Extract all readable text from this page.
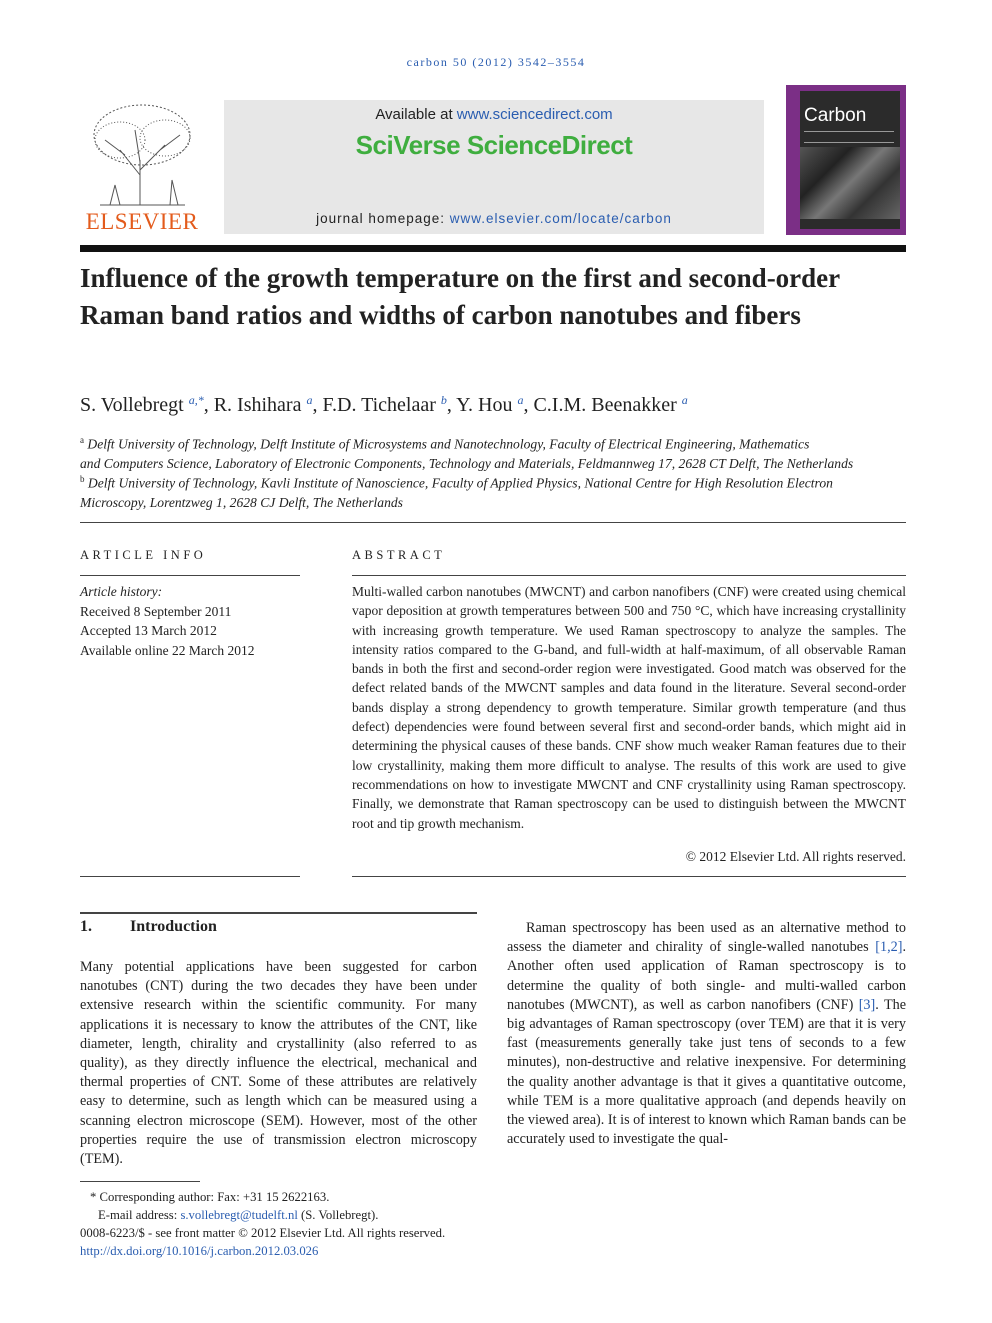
carbon 50 (2012) 3542–3554
ELSEVIER
Available at www.sciencedirect.com
SciVerse ScienceDirect
journal homepage: www.elsevier.com/locate/carbon
Carbon
Influence of the growth temperature on the first and second-order Raman band ratios and widths of carbon nanotubes and fibers
S. Vollebregt $^{a,*}$, R. Ishihara $^a$, F.D. Tichelaar $^b$, Y. Hou $^a$, C.I.M. Beenakker $^a$
$^a$ Delft University of Technology, Delft Institute of Microsystems and Nanotechnology, Faculty of Electrical Engineering, Mathematics
and Computers Science, Laboratory of Electronic Components, Technology and Materials, Feldmannweg 17, 2628 CT Delft, The Netherlands
$^b$ Delft University of Technology, Kavli Institute of Nanoscience, Faculty of Applied Physics, National Centre for High Resolution Electron
Microscopy, Lorentzweg 1, 2628 CJ Delft, The Netherlands
ARTICLE INFO
Article history:
Received 8 September 2011
Accepted 13 March 2012
Available online 22 March 2012
ABSTRACT
Multi-walled carbon nanotubes (MWCNT) and carbon nanofibers (CNF) were created using chemical vapor deposition at growth temperatures between 500 and 750 °C, which have increasing crystallinity with increasing growth temperature. We used Raman spectroscopy to analyze the samples. The intensity ratios compared to the G-band, and full-width at half-maximum, of all observable Raman bands in both the first and second-order region were investigated. Good match was observed for the defect related bands of the MWCNT samples and data found in the literature. Several second-order bands display a strong dependency to growth temperature. Similar growth temperature (and thus defect) dependencies were found between several first and second-order bands, which might aid in determining the physical causes of these bands. CNF show much weaker Raman features due to their low crystallinity, making them more difficult to analyse. The results of this work are used to give recommendations on how to investigate MWCNT and CNF crystallinity using Raman spectroscopy. Finally, we demonstrate that Raman spectroscopy can be used to distinguish between the MWCNT root and tip growth mechanism.
© 2012 Elsevier Ltd. All rights reserved.
1. Introduction
Many potential applications have been suggested for carbon nanotubes (CNT) during the two decades they have been under extensive research within the scientific community. For many applications it is necessary to know the attributes of the CNT, like diameter, length, chirality and crystallinity (also referred to as quality), as they directly influence the electrical, mechanical and thermal properties of CNT. Some of these attributes are relatively easy to determine, such as length which can be measured using a scanning electron microscope (SEM). However, most of the other properties require the use of transmission electron microscopy (TEM).
Raman spectroscopy has been used as an alternative method to assess the diameter and chirality of single-walled nanotubes [1,2]. Another often used application of Raman spectroscopy is to determine the quality of both single- and multi-walled carbon nanotubes (MWCNT), as well as carbon nanofibers (CNF) [3]. The big advantages of Raman spectroscopy (over TEM) are that it is very fast (measurements generally take just tens of seconds to a few minutes), non-destructive and relative inexpensive. For determining the quality another advantage is that it gives a quantitative outcome, while TEM is a more qualitative approach (and depends heavily on the viewed area). It is of interest to known which Raman bands can be accurately used to investigate the qual-
* Corresponding author: Fax: +31 15 2622163.
E-mail address: s.vollebregt@tudelft.nl (S. Vollebregt).
0008-6223/$ - see front matter © 2012 Elsevier Ltd. All rights reserved.
http://dx.doi.org/10.1016/j.carbon.2012.03.026
